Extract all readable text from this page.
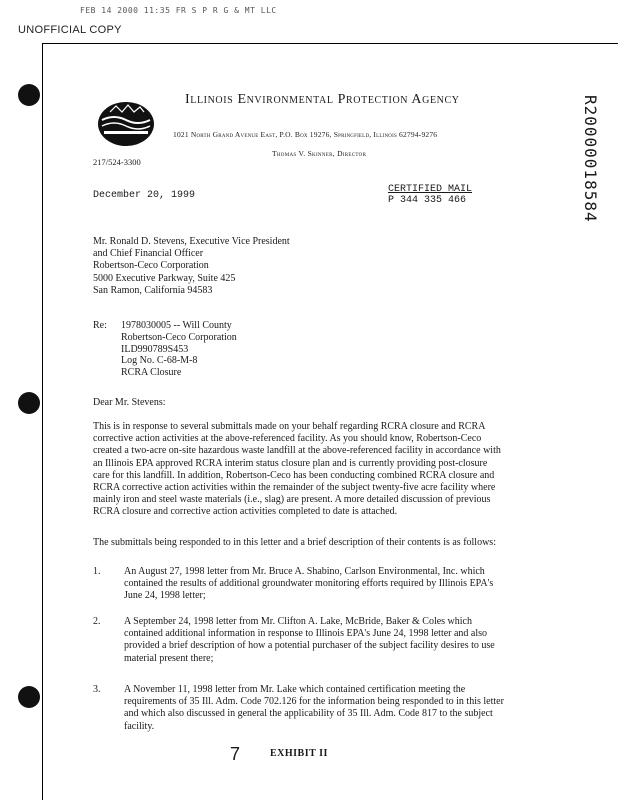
FEB 14 2000 11:35 FR S P R G & MT LLC
UNOFFICIAL COPY
R20000018584
Illinois Environmental Protection Agency
1021 North Grand Avenue East, P.O. Box 19276, Springfield, Illinois 62794-9276
Thomas V. Skinner, Director
217/524-3300
December 20, 1999
CERTIFIED MAIL
P 344 335 466
Mr. Ronald D. Stevens, Executive Vice President
and Chief Financial Officer
Robertson-Ceco Corporation
5000 Executive Parkway, Suite 425
San Ramon, California 94583
Re: 1978030005 -- Will County
Robertson-Ceco Corporation
ILD990789S453
Log No. C-68-M-8
RCRA Closure
Dear Mr. Stevens:
This is in response to several submittals made on your behalf regarding RCRA closure and RCRA
corrective action activities at the above-referenced facility. As you should know, Robertson-Ceco
created a two-acre on-site hazardous waste landfill at the above-referenced facility in accordance with
an Illinois EPA approved RCRA interim status closure plan and is currently providing post-closure
care for this landfill. In addition, Robertson-Ceco has been conducting combined RCRA closure and
RCRA corrective action activities within the remainder of the subject twenty-five acre facility where
mainly iron and steel waste materials (i.e., slag) are present. A more detailed discussion of previous
RCRA closure and corrective action activities completed to date is attached.
The submittals being responded to in this letter and a brief description of their contents is as follows:
1. An August 27, 1998 letter from Mr. Bruce A. Shabino, Carlson Environmental, Inc. which
contained the results of additional groundwater monitoring efforts required by Illinois EPA's
June 24, 1998 letter;
2. A September 24, 1998 letter from Mr. Clifton A. Lake, McBride, Baker & Coles which
contained additional information in response to Illinois EPA's June 24, 1998 letter and also
provided a brief description of how a potential purchaser of the subject facility desires to use
material present there;
3. A November 11, 1998 letter from Mr. Lake which contained certification meeting the
requirements of 35 Ill. Adm. Code 702.126 for the information being responded to in this letter
and which also discussed in general the applicability of 35 Ill. Adm. Code 817 to the subject
facility.
7	EXHIBIT II
